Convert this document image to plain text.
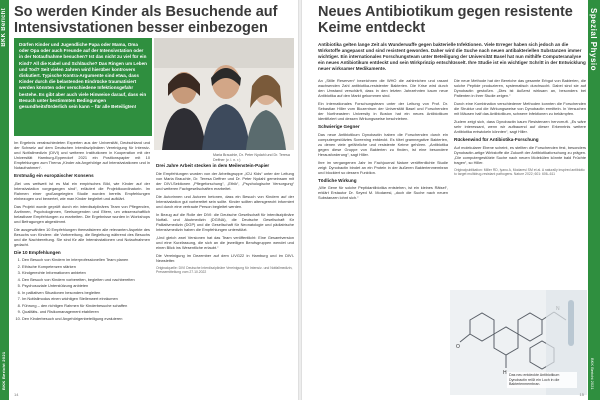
BKK Bericht
BKK Bericht 2021
So werden Kinder als Besuchende auf Intensivstationen besser einbezogen
Dürfen Kinder und Jugendliche Papa oder Mama, Oma oder Opa oder auch Freunde auf der Intensivstation oder in der Notaufnahme besuchen? Ist das nicht zu viel für ein Kind? All die Kabel und Schläuche? Das Ringen um Leben und Tod? Seit vielen Jahren wird hierüber kontrovers diskutiert. Typische Kontra-Argumente sind etwa, dass Kinder durch die belastenden Eindrücke traumatisiert werden könnten oder verschiedene Infektionsgefahr bestehe. Es gibt aber auch viele Hinweise darauf, dass ein Besuch unter bestimmten Bedingungen gesundheitsförderlich sein kann – für alle Beteiligten!
Maria Brauchle, Dr. Peter Nydahl und Dr. Teresa Deffner (v. l. n. r.)

Im Ergebnis verabschiedeten Experten aus der Universität, Deutschland und der Schweiz auf dem Deutschen Interdisziplinären Vereinigung für Intensiv- und Notfallmedizin (DIVI) und weiteren Institutionen in Kooperation mit der Universität Hamburg-Eppendorf 2021 ein Positionspapier mit 10 Empfehlungen zum Thema „Kinder als Angehörige auf Intensivstationen und in Notaufnahmen“.

Erstmalig ein europäischer Konsens

„Bei uns weltweit ist es Mal ein empirisches Bild, wie Kinder auf der Intensivstation vorgegangen sind“, erläutert die Projektkoordinatorin. Im Rahmen einer großangelegten Studie wurden bereits Empfehlungen einbezogen und bewertet, wie man Kinder begleitet und aufklärt.

Das Projekt wurde geprüft durch ein interdisziplinäres Team von Pflegenden, Ärztinnen, Psychologinnen, Seelsorgenden und Eltern, um wissenschaftlich belastbare Empfehlungen zu erarbeiten. Die Ergebnisse wurden in Workshops und Befragungen abgestimmt.

Die ausgewählten 10 Empfehlungen thematisieren alle relevanten Aspekte des Besuchs von Kindern: die Vorbereitung, die Begleitung während des Besuchs und die Nachbereitung. Sie sind für alle Intensivstationen und Notaufnahmen gedacht.

Die 10 Empfehlungen
1. Den Besuch von Kindern im interprofessionellen Team planen
2. Ethische Kompetenzen stärken
3. Kindgerechte Informationen anbieten
4. Den Besuch von Kindern vorbereiten, begleiten und nachbereiten
5. Psychosoziale Unterstützung anbieten
6. In palliativen Situationen besonders begleiten
7. Im Notfallmodus einen wichtigen Stellenwert einräumen
8. Führung – den richtigen Rahmen für Kinderbesuche schaffen
9. Qualitäts- und Risikomanagement etablieren
10. Den Kinderbesuch und Angehörigenbeteiligung evaluieren
Drei Jahre Arbeit stecken in dem Meilenstein-Papier

Die Empfehlungen wurden von der Arbeitsgruppe „ICU Kids“ unter der Leitung von Maria Brauchle, Dr. Teresa Deffner und Dr. Peter Nydahl gemeinsam mit der DIVI-Sektionen „Pflegeforschung“, „Ethik“, „Psychologische Versorgung“ und weiteren Fachgesellschaften erarbeitet.

Die Autorinnen und Autoren betonen, dass ein Besuch von Kindern auf der Intensivstation gut vorbereitet sein sollte. Kinder sollten altersgerecht informiert und durch eine vertraute Person begleitet werden.

In Bezug auf die Rolle der DIVI: die Deutsche Gesellschaft für interdisziplinäre Notfall- und Akutmedizin (DGINA), die Deutsche Gesellschaft für Palliativmedizin (DGP) und die Gesellschaft für Neonatologie und pädiatrische Intensivmedizin haben die Empfehlungen unterstützt.

„Und gleich zwei Versionen hat das Team veröffentlicht: Eine Gesamtversion und eine Kurzfassung, die sich an die jeweiligen Berufsgruppen wendet und einen Blick ins Wesentliche erlaubt.“

Die Vereinigung im Dezember auf dem LIVG22 in Hamburg und im DIVI-Newsletter.

Originalquelle: DIVI Deutsche Interdisziplinäre Vereinigung für Intensiv- und Notfallmedizin, Pressemitteilung vom 27.10.2022
14
Neues Antibiotikum gegen resistente Keime entdeckt
Antibiotika gelten lange Zeit als Wunderwaffe gegen bakterielle Infektionen. Viele Erreger haben sich jedoch an die Wirkstoffe angepasst und sind resistent geworden. Daher wird die Suche nach neuen antibakteriellen Substanzen immer wichtiger. Ein internationales Forschungsteam unter Beteiligung der Universität Basel hat nun mithilfe Computeranalyse ein neues Antibiotikum entdeckt und sein Wirkprinzip entschlüsselt. Ihre Studie ist ein wichtiger Schritt in der Entwicklung neuer wirksamer Medikamente.

An „Stille Reserven“ bezeichnen die WHO die zahlreichen und rasant wachsenden Zahl antibiotika-resistenter Bakterien. Die Krise wird durch den Umstand verschärft, dass in den letzten Jahrzehnten kaum neue Antibiotika auf den Markt gekommen sind.

Ein internationales Forschungsteam unter der Leitung von Prof. Dr. Sebastian Hiller vom Biozentrum der Universität Basel und Forschenden der Northeastern University in Boston hat ein neues Antibiotikum identifiziert und dessen Wirkungsweise beschrieben.

Schwierige Gegner

Das neue Antibiotikum Dynobactin haben die Forschenden durch ein computergestütztes Screening entdeckt. Es tötet gramnegative Bakterien, zu denen viele gefährliche und resistente Keime gehören. „Antibiotika gegen diese Gruppe von Bakterien zu finden, ist eine besondere Herausforderung“, sagt Hiller.

Ihre im vergangenen Jahr im Fachjournal Nature veröffentlichte Studie zeigt: Dynobactin bindet an ein Protein in der äußeren Bakterienmembran und blockiert so dessen Funktion.

Tödliche Wirkung

„Wie Gene für solche Peptidantibiotika entstehen, ist ein kleines Rätsel“, erklärt Erstautor Dr. Seyed M. Modaresi, „doch die Suche nach neuen Substanzen lohnt sich.“

Die neue Methode hat der Bereiche das gesamte Erbgut von Bakterien, die solche Peptide produzieren, systematisch durchsucht. Dabei sind sie auf Dynobactin gestoßen. „Dies ist äußerst wirksam an, besonders bei Patienten in ihrer Studie zeigen.“

Durch eine Kombination verschiedener Methoden konnten die Forschenden die Struktur und die Wirkungsweise von Dynobactin ermitteln. In Versuchen mit Mäusen half das Antibiotikum, schwere Infektionen zu bekämpfen.

Zudem zeigt sich, dass Dynobactin kaum Resistenzen hervorruft. „Es wäre sehr interessant, wenn wir aufbauend auf dieser Erkenntnis weitere Antibiotika entwickeln könnten“, sagt Hiller.

Rückenwind für Antibiotika-Forschung

Auf molekularer Ebene scheint, es stellten die Forschenden fest, besonders Dynobactin-artige Wirkstoffe die Zukunft der Antibiotikaforschung zu prägen. „Die computergestützte Suche nach neuen Molekülen könnte bald Früchte tragen“, so Hiller.

Originalpublikation: Miller RD, Iyanu A, Modaresi SM et al. A naturally inspired antibiotic to target multidrug-resistant pathogens. Nature 2022; 601: 606–611
O
H Das neu entdeckte Antibiotikum Dynobactin reißt ein Loch in die Bakterienmembran.
Spezial Physio
BKK Bericht 2021
15
